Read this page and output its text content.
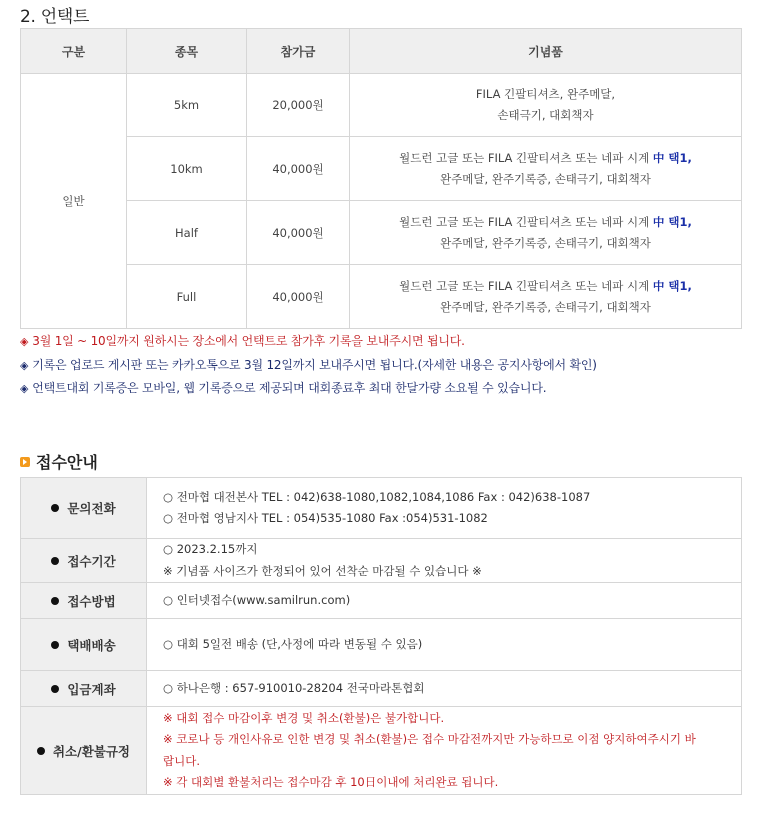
2. 언택트
구분	종목	참가금	기념품
일반	5km	20,000원	FILA 긴팔티셔츠, 완주메달,
손태극기, 대회책자
	10km	40,000원	월드런 고글 또는 FILA 긴팔티셔츠 또는 네파 시계 中 택1,
완주메달, 완주기록증, 손태극기, 대회책자
	Half	40,000원	월드런 고글 또는 FILA 긴팔티셔츠 또는 네파 시계 中 택1,
완주메달, 완주기록증, 손태극기, 대회책자
	Full	40,000원	월드런 고글 또는 FILA 긴팔티셔츠 또는 네파 시계 中 택1,
완주메달, 완주기록증, 손태극기, 대회책자
◈ 3월 1일 ~ 10일까지 원하시는 장소에서 언택트로 참가후 기록을 보내주시면 됩니다.
◈ 기록은 업로드 게시판 또는 카카오톡으로 3월 12일까지 보내주시면 됩니다.(자세한 내용은 공지사항에서 확인)
◈ 언택트대회 기록증은 모바일, 웹 기록증으로 제공되며 대회종료후 최대 한달가량 소요될 수 있습니다.
접수안내
문의전화	○ 전마협 대전본사 TEL : 042)638-1080,1082,1084,1086 Fax : 042)638-1087
○ 전마협 영남지사 TEL : 054)535-1080 Fax :054)531-1082

접수기간	○ 2023.2.15까지
※ 기념품 사이즈가 한정되어 있어 선착순 마감될 수 있습니다 ※

접수방법	○ 인터넷접수(www.samilrun.com)

택배배송	○ 대회 5일전 배송 (단,사정에 따라 변동될 수 있음)

입금계좌	○ 하나은행 : 657-910010-28204 전국마라톤협회

취소/환불규정	※ 대회 접수 마감이후 변경 및 취소(환불)은 불가합니다.
※ 코로나 등 개인사유로 인한 변경 및 취소(환불)은 접수 마감전까지만 가능하므로 이점 양지하여주시기 바
랍니다.
※ 각 대회별 환불처리는 접수마감 후 10日이내에 처리완료 됩니다.
